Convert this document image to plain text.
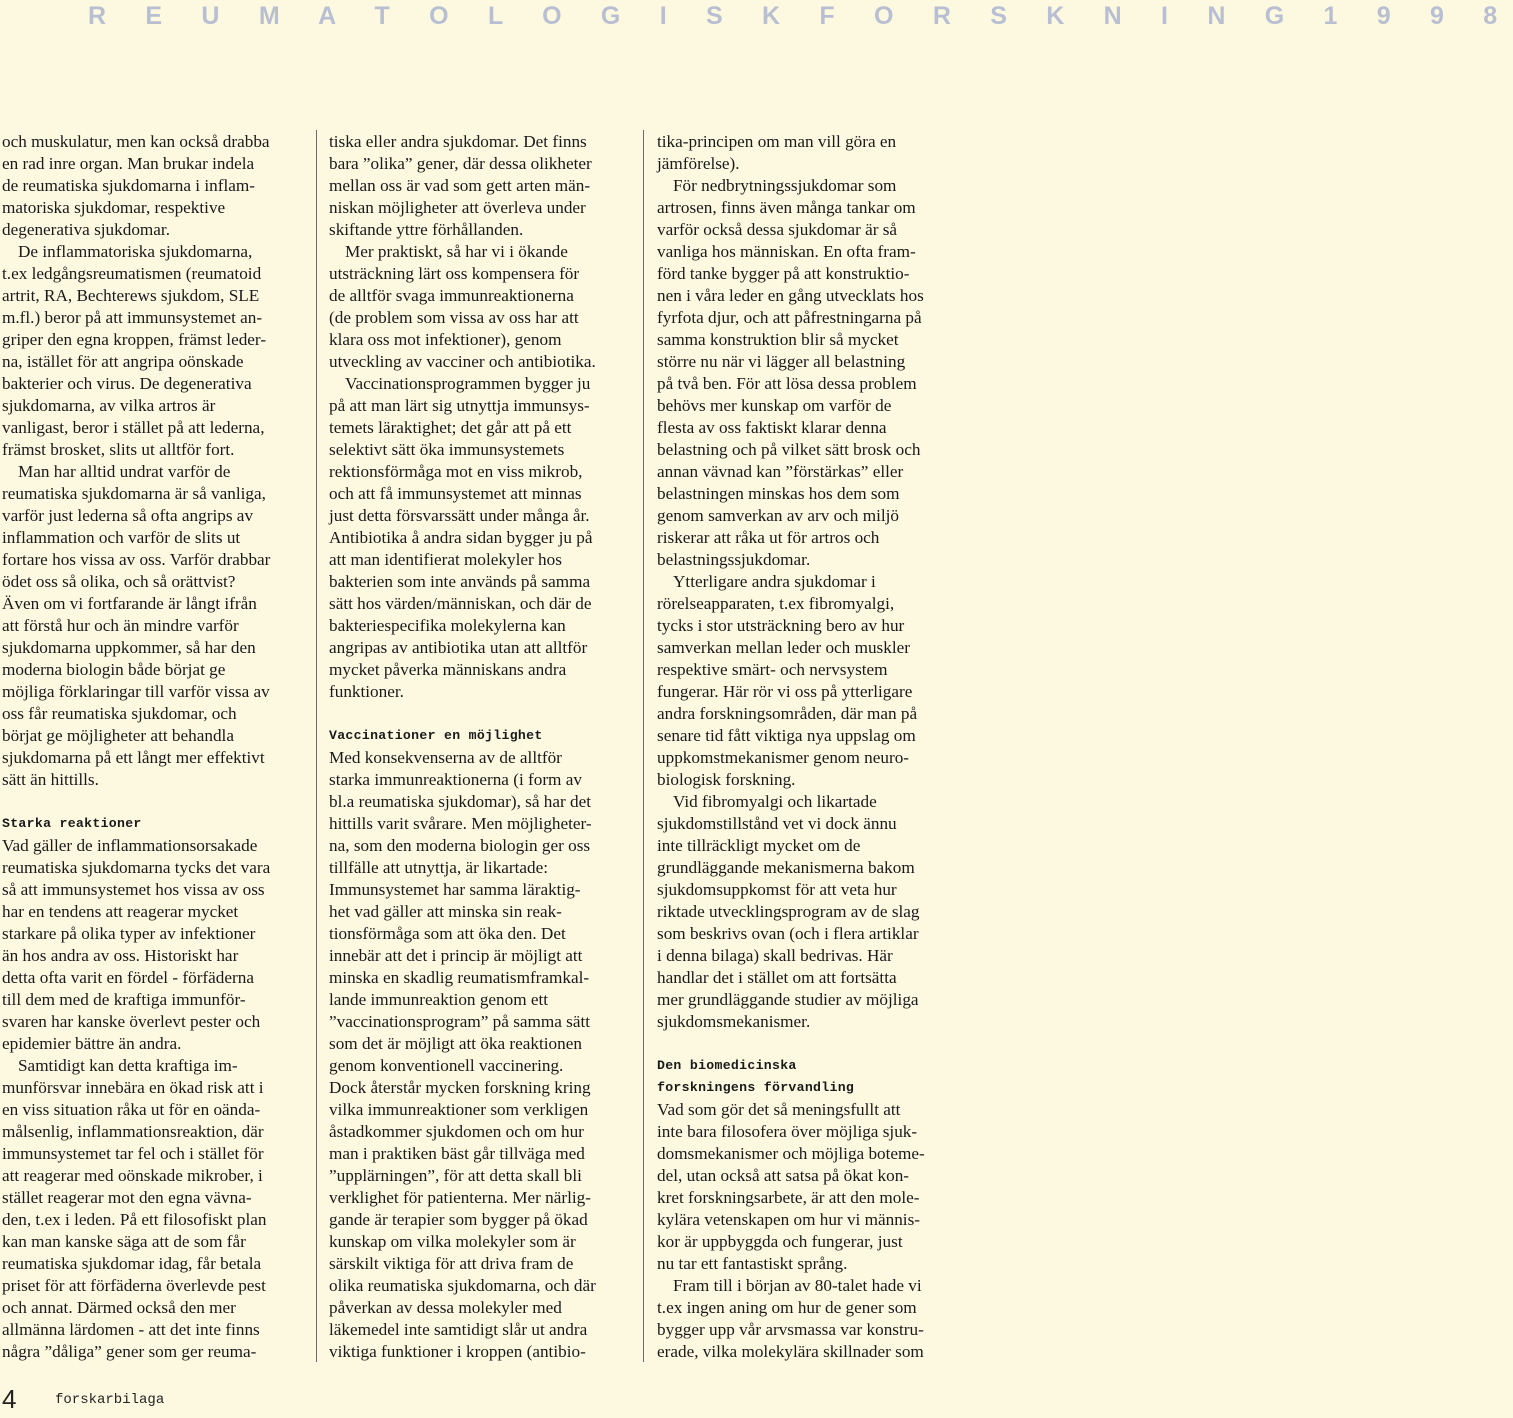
R E U M A T O L O G I S K F O R S K N I N G 1 9 9 8

och muskulatur, men kan också drabba
en rad inre organ. Man brukar indela
de reumatiska sjukdomarna i inflam-
matoriska sjukdomar, respektive
degenerativa sjukdomar.

De inflammatoriska sjukdomarna,
t.ex ledgångsreumatismen (reumatoid
artrit, RA, Bechterews sjukdom, SLE
m.fl.) beror på att immunsystemet an-
griper den egna kroppen, främst leder-
na, istället för att angripa oönskade
bakterier och virus. De degenerativa
sjukdomarna, av vilka artros är
vanligast, beror i stället på att lederna,
främst brosket, slits ut alltför fort.

Man har alltid undrat varför de
reumatiska sjukdomarna är så vanliga,
varför just lederna så ofta angrips av
inflammation och varför de slits ut
fortare hos vissa av oss. Varför drabbar
ödet oss så olika, och så orättvist?
Även om vi fortfarande är långt ifrån
att förstå hur och än mindre varför
sjukdomarna uppkommer, så har den
moderna biologin både börjat ge
möjliga förklaringar till varför vissa av
oss får reumatiska sjukdomar, och
börjat ge möjligheter att behandla
sjukdomarna på ett långt mer effektivt
sätt än hittills.

Starka reaktioner

Vad gäller de inflammationsorsakade
reumatiska sjukdomarna tycks det vara
så att immunsystemet hos vissa av oss
har en tendens att reagerar mycket
starkare på olika typer av infektioner
än hos andra av oss. Historiskt har
detta ofta varit en fördel - förfäderna
till dem med de kraftiga immunför-
svaren har kanske överlevt pester och
epidemier bättre än andra.

Samtidigt kan detta kraftiga im-
munförsvar innebära en ökad risk att i
en viss situation råka ut för en oända-
målsenlig, inflammationsreaktion, där
immunsystemet tar fel och i stället för
att reagerar med oönskade mikrober, i
stället reagerar mot den egna vävna-
den, t.ex i leden. På ett filosofiskt plan
kan man kanske säga att de som får
reumatiska sjukdomar idag, får betala
priset för att förfäderna överlevde pest
och annat. Därmed också den mer
allmänna lärdomen - att det inte finns
några ”dåliga” gener som ger reuma-

tiska eller andra sjukdomar. Det finns
bara ”olika” gener, där dessa olikheter
mellan oss är vad som gett arten män-
niskan möjligheter att överleva under
skiftande yttre förhållanden.

Mer praktiskt, så har vi i ökande
utsträckning lärt oss kompensera för
de alltför svaga immunreaktionerna
(de problem som vissa av oss har att
klara oss mot infektioner), genom
utveckling av vacciner och antibiotika.

Vaccinationsprogrammen bygger ju
på att man lärt sig utnyttja immunsys-
temets läraktighet; det går att på ett
selektivt sätt öka immunsystemets
rektionsförmåga mot en viss mikrob,
och att få immunsystemet att minnas
just detta försvarssätt under många år.
Antibiotika å andra sidan bygger ju på
att man identifierat molekyler hos
bakterien som inte används på samma
sätt hos värden/människan, och där de
bakteriespecifika molekylerna kan
angripas av antibiotika utan att alltför
mycket påverka människans andra
funktioner.

Vaccinationer en möjlighet

Med konsekvenserna av de alltför
starka immunreaktionerna (i form av
bl.a reumatiska sjukdomar), så har det
hittills varit svårare. Men möjligheter-
na, som den moderna biologin ger oss
tillfälle att utnyttja, är likartade:
Immunsystemet har samma läraktig-
het vad gäller att minska sin reak-
tionsförmåga som att öka den. Det
innebär att det i princip är möjligt att
minska en skadlig reumatismframkal-
lande immunreaktion genom ett
”vaccinationsprogram” på samma sätt
som det är möjligt att öka reaktionen
genom konventionell vaccinering.
Dock återstår mycken forskning kring
vilka immunreaktioner som verkligen
åstadkommer sjukdomen och om hur
man i praktiken bäst går tillväga med
”upplärningen”, för att detta skall bli
verklighet för patienterna. Mer närlig-
gande är terapier som bygger på ökad
kunskap om vilka molekyler som är
särskilt viktiga för att driva fram de
olika reumatiska sjukdomarna, och där
påverkan av dessa molekyler med
läkemedel inte samtidigt slår ut andra
viktiga funktioner i kroppen (antibio-

tika-principen om man vill göra en
jämförelse).

För nedbrytningssjukdomar som
artrosen, finns även många tankar om
varför också dessa sjukdomar är så
vanliga hos människan. En ofta fram-
förd tanke bygger på att konstruktio-
nen i våra leder en gång utvecklats hos
fyrfota djur, och att påfrestningarna på
samma konstruktion blir så mycket
större nu när vi lägger all belastning
på två ben. För att lösa dessa problem
behövs mer kunskap om varför de
flesta av oss faktiskt klarar denna
belastning och på vilket sätt brosk och
annan vävnad kan ”förstärkas” eller
belastningen minskas hos dem som
genom samverkan av arv och miljö
riskerar att råka ut för artros och
belastningssjukdomar.

Ytterligare andra sjukdomar i
rörelseapparaten, t.ex fibromyalgi,
tycks i stor utsträckning bero av hur
samverkan mellan leder och muskler
respektive smärt- och nervsystem
fungerar. Här rör vi oss på ytterligare
andra forskningsområden, där man på
senare tid fått viktiga nya uppslag om
uppkomstmekanismer genom neuro-
biologisk forskning.

Vid fibromyalgi och likartade
sjukdomstillstånd vet vi dock ännu
inte tillräckligt mycket om de
grundläggande mekanismerna bakom
sjukdomsuppkomst för att veta hur
riktade utvecklingsprogram av de slag
som beskrivs ovan (och i flera artiklar
i denna bilaga) skall bedrivas. Här
handlar det i stället om att fortsätta
mer grundläggande studier av möjliga
sjukdomsmekanismer.

Den biomedicinska
forskningens förvandling

Vad som gör det så meningsfullt att
inte bara filosofera över möjliga sjuk-
domsmekanismer och möjliga boteme-
del, utan också att satsa på ökat kon-
kret forskningsarbete, är att den mole-
kylära vetenskapen om hur vi männis-
kor är uppbyggda och fungerar, just
nu tar ett fantastiskt språng.

Fram till i början av 80-talet hade vi
t.ex ingen aning om hur de gener som
bygger upp vår arvsmassa var konstru-
erade, vilka molekylära skillnader som

4	forskarbilaga
